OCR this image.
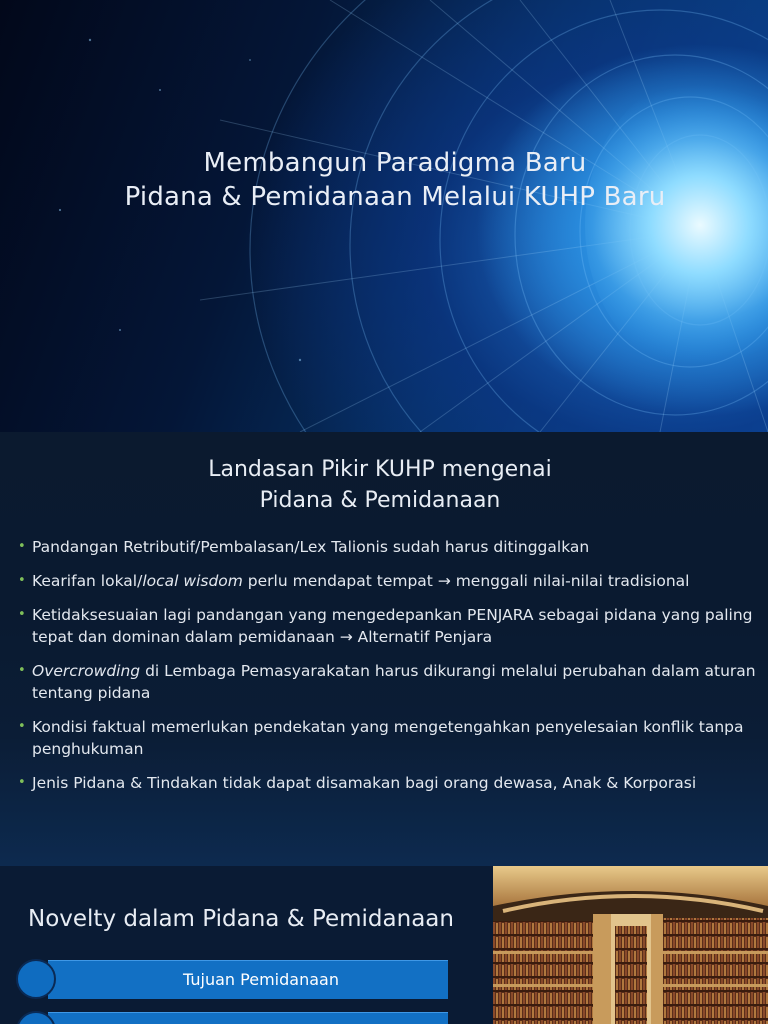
Membangun Paradigma Baru
Pidana & Pemidanaan Melalui KUHP Baru
Landasan Pikir KUHP mengenai
Pidana & Pemidanaan
• Pandangan Retributif/Pembalasan/Lex Talionis sudah harus ditinggalkan
• Kearifan lokal/local wisdom perlu mendapat tempat → menggali nilai-nilai tradisional
• Ketidaksesuaian lagi pandangan yang mengedepankan PENJARA sebagai pidana yang paling tepat dan dominan dalam pemidanaan → Alternatif Penjara
• Overcrowding di Lembaga Pemasyarakatan harus dikurangi melalui perubahan dalam aturan tentang pidana
• Kondisi faktual memerlukan pendekatan yang mengetengahkan penyelesaian konflik tanpa penghukuman
• Jenis Pidana & Tindakan tidak dapat disamakan bagi orang dewasa, Anak & Korporasi
Novelty dalam Pidana & Pemidanaan
Tujuan Pemidanaan
